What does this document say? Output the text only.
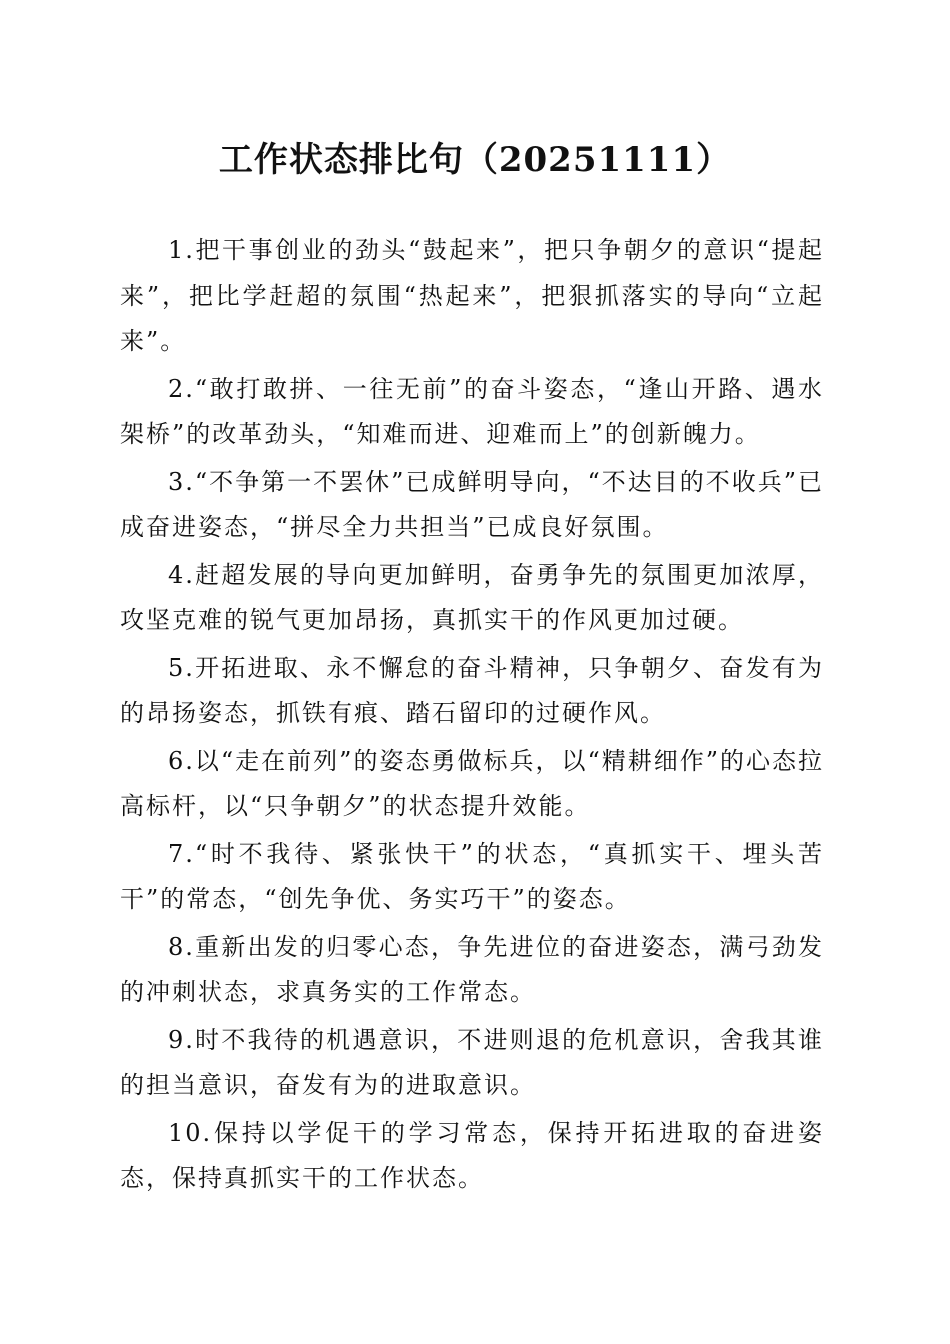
工作状态排比句（20251111）

1.把干事创业的劲头“鼓起来”，把只争朝夕的意识“提起来”，把比学赶超的氛围“热起来”，把狠抓落实的导向“立起来”。

2.“敢打敢拼、一往无前”的奋斗姿态，“逢山开路、遇水架桥”的改革劲头，“知难而进、迎难而上”的创新魄力。

3.“不争第一不罢休”已成鲜明导向，“不达目的不收兵”已成奋进姿态，“拼尽全力共担当”已成良好氛围。

4.赶超发展的导向更加鲜明，奋勇争先的氛围更加浓厚，攻坚克难的锐气更加昂扬，真抓实干的作风更加过硬。

5.开拓进取、永不懈怠的奋斗精神，只争朝夕、奋发有为的昂扬姿态，抓铁有痕、踏石留印的过硬作风。

6.以“走在前列”的姿态勇做标兵，以“精耕细作”的心态拉高标杆，以“只争朝夕”的状态提升效能。

7.“时不我待、紧张快干”的状态，“真抓实干、埋头苦干”的常态，“创先争优、务实巧干”的姿态。

8.重新出发的归零心态，争先进位的奋进姿态，满弓劲发的冲刺状态，求真务实的工作常态。

9.时不我待的机遇意识，不进则退的危机意识，舍我其谁的担当意识，奋发有为的进取意识。

10.保持以学促干的学习常态，保持开拓进取的奋进姿态，保持真抓实干的工作状态。
